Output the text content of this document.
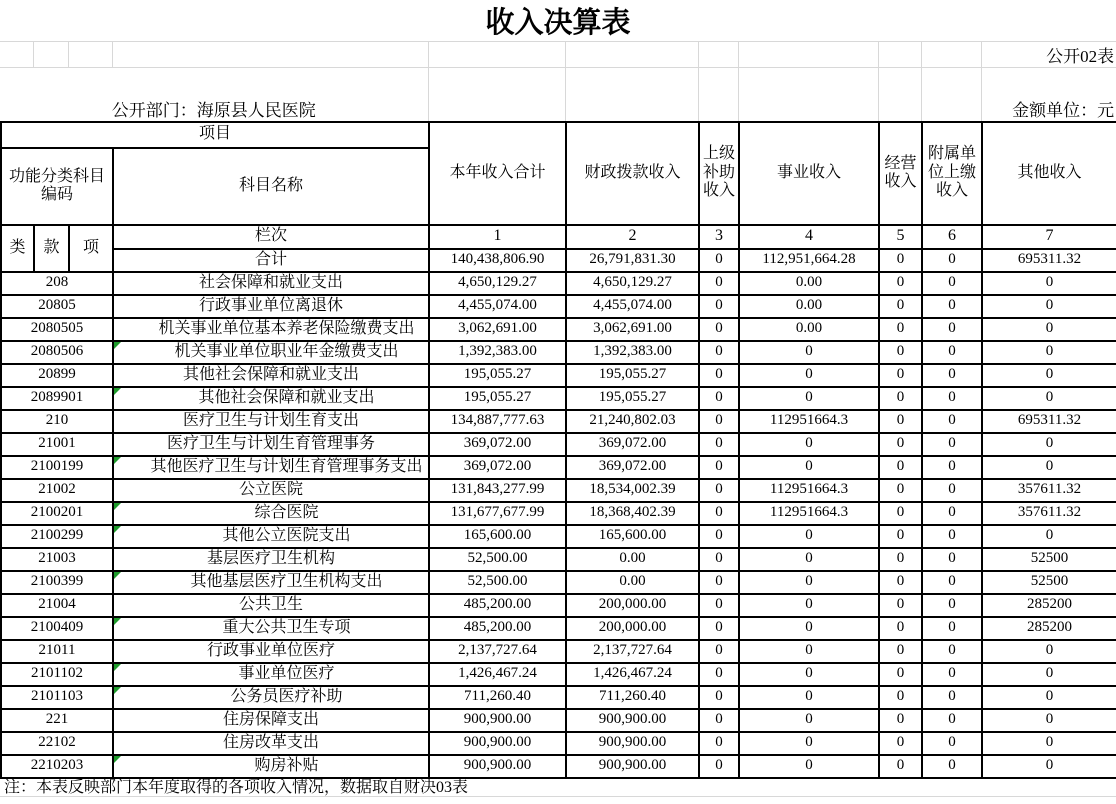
收入决算表										
										公开02表
公开部门：海原县人民医院										金额单位：元
项目				本年收入合计	财政拨款收入	上级补助收入	事业收入	经营收入	附属单位上缴收入	其他收入
功能分类科目编码			科目名称							
类	款	项	栏次	1	2	3	4	5	6	7
			合计	140,438,806.90	26,791,831.30	0	112,951,664.28	0	0	695311.32
208			社会保障和就业支出	4,650,129.27	4,650,129.27	0	0.00	0	0	0
20805			行政事业单位离退休	4,455,074.00	4,455,074.00	0	0.00	0	0	0
2080505			机关事业单位基本养老保险缴费支出	3,062,691.00	3,062,691.00	0	0.00	0	0	0
2080506			机关事业单位职业年金缴费支出	1,392,383.00	1,392,383.00	0	0	0	0	0
20899			其他社会保障和就业支出	195,055.27	195,055.27	0	0	0	0	0
2089901			其他社会保障和就业支出	195,055.27	195,055.27	0	0	0	0	0
210			医疗卫生与计划生育支出	134,887,777.63	21,240,802.03	0	112951664.3	0	0	695311.32
21001			医疗卫生与计划生育管理事务	369,072.00	369,072.00	0	0	0	0	0
2100199			其他医疗卫生与计划生育管理事务支出	369,072.00	369,072.00	0	0	0	0	0
21002			公立医院	131,843,277.99	18,534,002.39	0	112951664.3	0	0	357611.32
2100201			综合医院	131,677,677.99	18,368,402.39	0	112951664.3	0	0	357611.32
2100299			其他公立医院支出	165,600.00	165,600.00	0	0	0	0	0
21003			基层医疗卫生机构	52,500.00	0.00	0	0	0	0	52500
2100399			其他基层医疗卫生机构支出	52,500.00	0.00	0	0	0	0	52500
21004			公共卫生	485,200.00	200,000.00	0	0	0	0	285200
2100409			重大公共卫生专项	485,200.00	200,000.00	0	0	0	0	285200
21011			行政事业单位医疗	2,137,727.64	2,137,727.64	0	0	0	0	0
2101102			事业单位医疗	1,426,467.24	1,426,467.24	0	0	0	0	0
2101103			公务员医疗补助	711,260.40	711,260.40	0	0	0	0	0
221			住房保障支出	900,900.00	900,900.00	0	0	0	0	0
22102			住房改革支出	900,900.00	900,900.00	0	0	0	0	0
2210203			购房补贴	900,900.00	900,900.00	0	0	0	0	0
注：本表反映部门本年度取得的各项收入情况，数据取自财决03表
